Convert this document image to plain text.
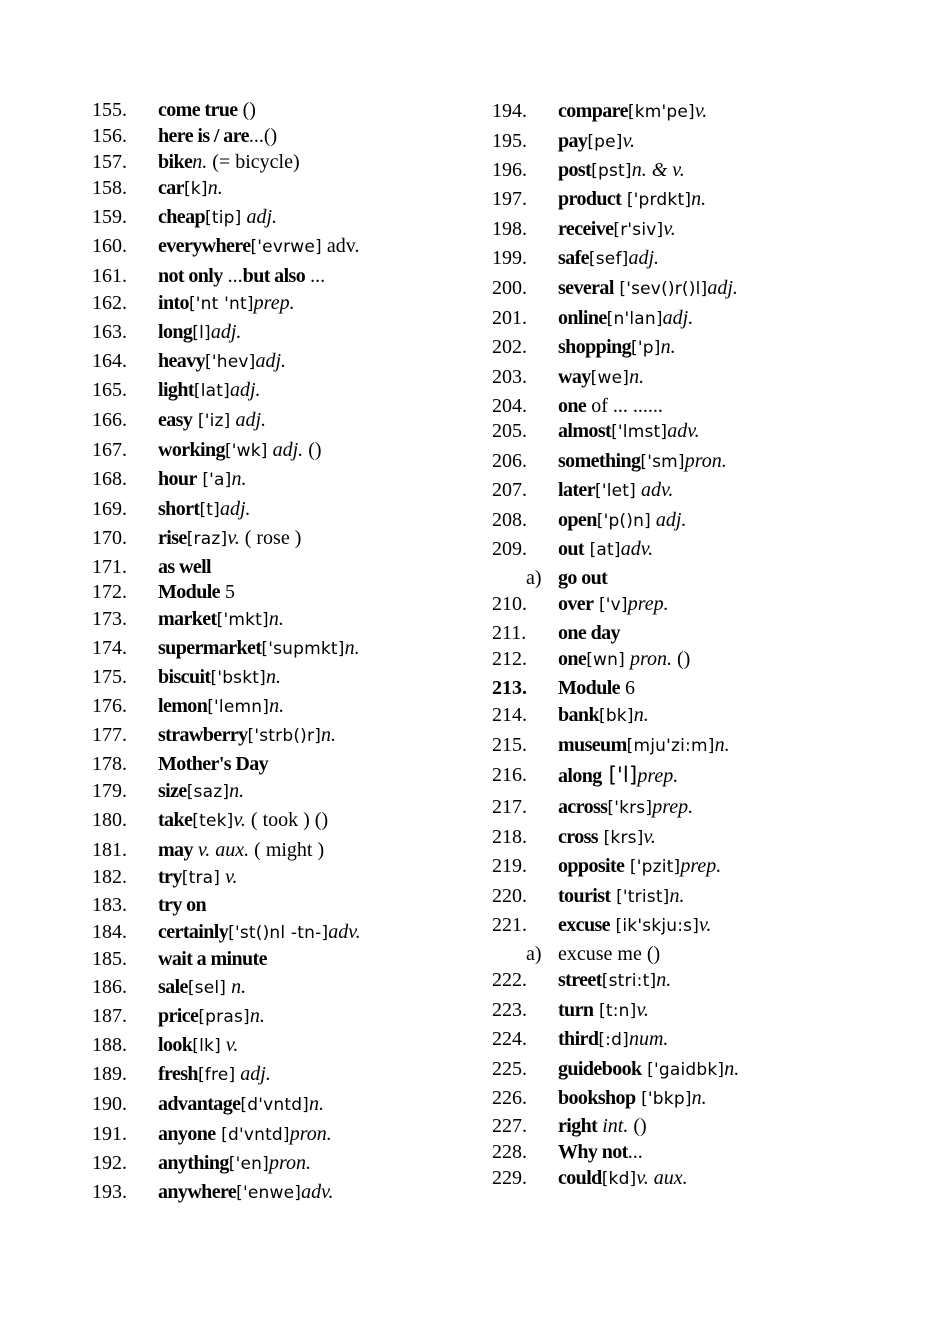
155. come true ()
156. here is / are...()
157. biken. (= bicycle)
158. car[k]n.
159. cheap[tip] adj.
160. everywhere['evrwe] adv.
161. not only ...but also ...
162. into['nt 'nt]prep.
163. long[l]adj.
164. heavy['hev]adj.
165. light[lat]adj.
166. easy ['iz] adj.
167. working['wk] adj. ()
168. hour ['a]n.
169. short[t]adj.
170. rise[raz]v. ( rose )
171. as well
172. Module 5
173. market['mkt]n.
174. supermarket['supmkt]n.
175. biscuit['bskt]n.
176. lemon['lemn]n.
177. strawberry['strb()r]n.
178. Mother's Day
179. size[saz]n.
180. take[tek]v. ( took ) ()
181. may v. aux. ( might )
182. try[tra] v.
183. try on
184. certainly['st()nl -tn-]adv.
185. wait a minute
186. sale[sel] n.
187. price[pras]n.
188. look[lk] v.
189. fresh[fre] adj.
190. advantage[d'vntd]n.
191. anyone [d'vntd]pron.
192. anything['en]pron.
193. anywhere['enwe]adv.
194. compare[km'pe]v.
195. pay[pe]v.
196. post[pst]n. & v.
197. product ['prdkt]n.
198. receive[r'siv]v.
199. safe[sef]adj.
200. several ['sev()r()l]adj.
201. online[n'lan]adj.
202. shopping['p]n.
203. way[we]n.
204. one of ... ......
205. almost['lmst]adv.
206. something['sm]pron.
207. later['let] adv.
208. open['p()n] adj.
209. out [at]adv.
a) go out
210. over ['v]prep.
211. one day
212. one[wn] pron. ()
213. Module 6
214. bank[bk]n.
215. museum[mju'zi:m]n.
216. along ['l]prep.
217. across['krs]prep.
218. cross [krs]v.
219. opposite ['pzit]prep.
220. tourist ['trist]n.
221. excuse [ik'skju:s]v.
a) excuse me ()
222. street[stri:t]n.
223. turn [t:n]v.
224. third[:d]num.
225. guidebook ['gaidbk]n.
226. bookshop ['bkp]n.
227. right int. ()
228. Why not...
229. could[kd]v. aux.
